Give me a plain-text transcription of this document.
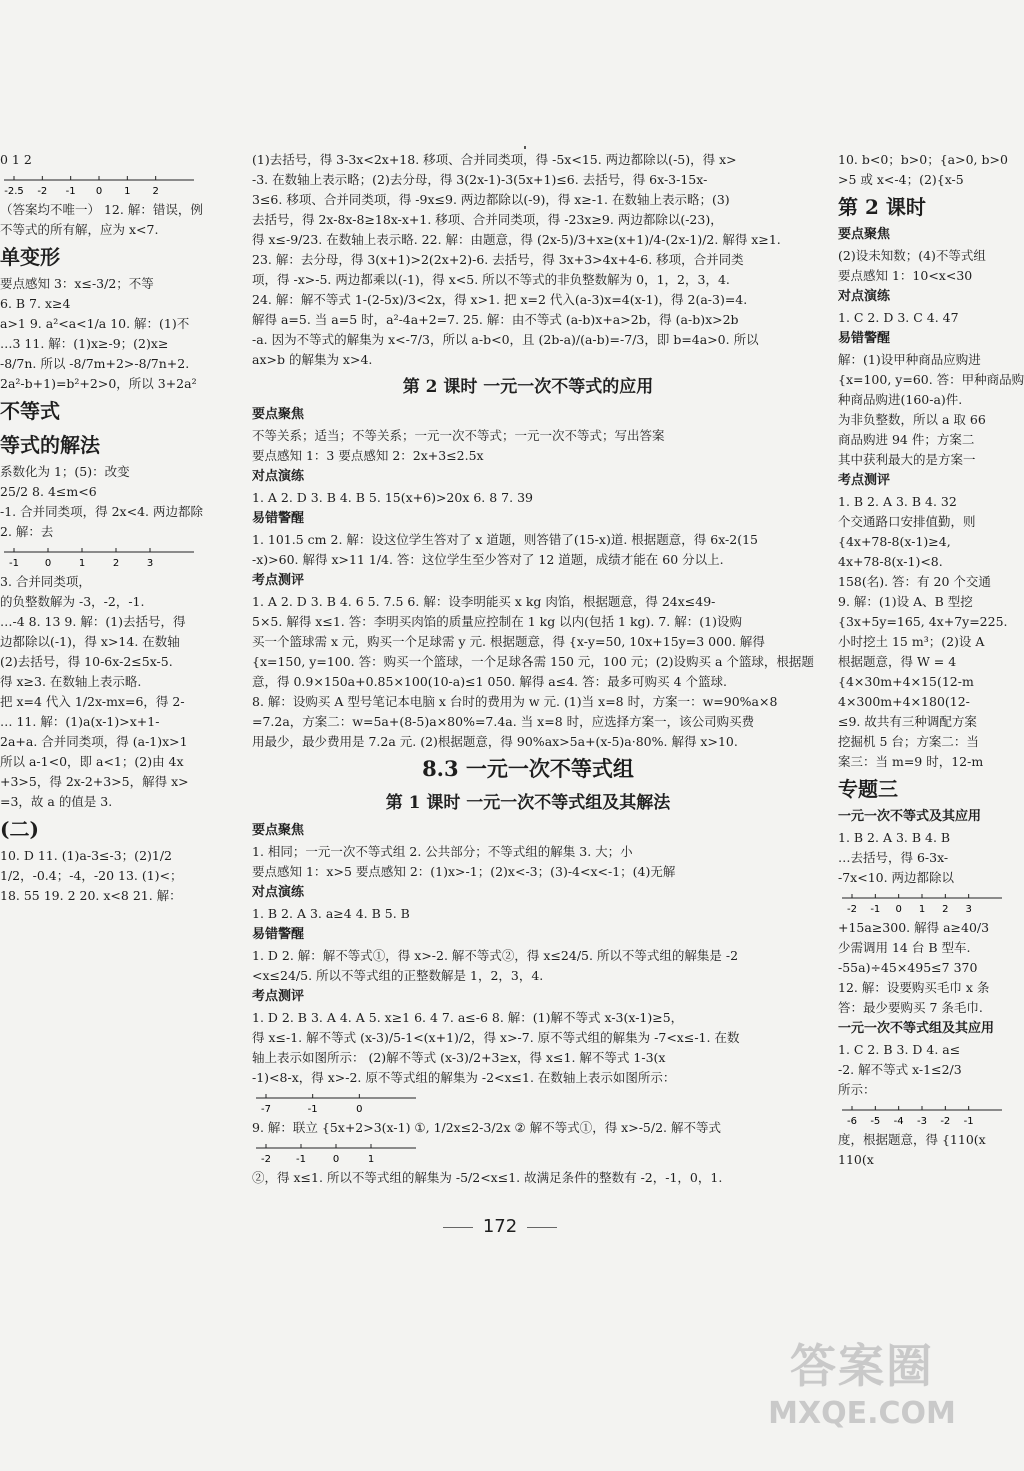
0 1 2
-2.5 -2 -1 0 1 2
（答案均不唯一） 12. 解：错误，例
不等式的所有解，应为 x<7.
单变形
要点感知 3：x≤-3/2；不等
6. B 7. x≥4
a>1 9. a²<a<1/a 10. 解：(1)不
…3 11. 解：(1)x≥-9；(2)x≥
-8/7n. 所以 -8/7m+2>-8/7n+2.
2a²-b+1)=b²+2>0，所以 3+2a²
不等式
等式的解法
系数化为 1；(5)：改变
25/2 8. 4≤m<6
-1. 合并同类项，得 2x<4. 两边都除
2. 解：去
-1	0	1	2	3
3. 合并同类项，
的负整数解为 -3，-2，-1.
…-4 8. 13 9. 解：(1)去括号，得
边都除以(-1)，得 x>14. 在数轴
(2)去括号，得 10-6x-2≤5x-5.
得 x≥3. 在数轴上表示略.
把 x=4 代入 1/2x-mx=6，得 2-
… 11. 解：(1)a(x-1)>x+1-
2a+a. 合并同类项，得 (a-1)x>1
所以 a-1<0，即 a<1；(2)由 4x
+3>5，得 2x-2+3>5，解得 x>
=3，故 a 的值是 3.
(二)
10. D 11. (1)a-3≤-3；(2)1/2
1/2，-0.4；-4，-20 13. (1)<；
18. 55 19. 2 20. x<8 21. 解：
(1)去括号，得 3-3x<2x+18. 移项、合并同类项，得 -5x<15. 两边都除以(-5)，得 x>
-3. 在数轴上表示略；(2)去分母，得 3(2x-1)-3(5x+1)≤6. 去括号，得 6x-3-15x-
3≤6. 移项、合并同类项，得 -9x≤9. 两边都除以(-9)，得 x≥-1. 在数轴上表示略；(3)
去括号，得 2x-8x-8≥18x-x+1. 移项、合并同类项，得 -23x≥9. 两边都除以(-23)，
得 x≤-9/23. 在数轴上表示略. 22. 解：由题意，得 (2x-5)/3+x≥(x+1)/4-(2x-1)/2. 解得 x≥1.
23. 解：去分母，得 3(x+1)>2(2x+2)-6. 去括号，得 3x+3>4x+4-6. 移项，合并同类
项，得 -x>-5. 两边都乘以(-1)，得 x<5. 所以不等式的非负整数解为 0，1，2，3，4.
24. 解：解不等式 1-(2-5x)/3<2x，得 x>1. 把 x=2 代入(a-3)x=4(x-1)，得 2(a-3)=4.
解得 a=5. 当 a=5 时，a²-4a+2=7. 25. 解：由不等式 (a-b)x+a>2b，得 (a-b)x>2b
-a. 因为不等式的解集为 x<-7/3，所以 a-b<0，且 (2b-a)/(a-b)=-7/3，即 b=4a>0. 所以
ax>b 的解集为 x>4.
第 2 课时 一元一次不等式的应用
要点聚焦
不等关系；适当；不等关系；一元一次不等式；一元一次不等式；写出答案
要点感知 1：3 要点感知 2：2x+3≤2.5x
对点演练
1. A 2. D 3. B 4. B 5. 15(x+6)>20x 6. 8 7. 39
易错警醒
1. 101.5 cm 2. 解：设这位学生答对了 x 道题，则答错了(15-x)道. 根据题意，得 6x-2(15
-x)>60. 解得 x>11 1/4. 答：这位学生至少答对了 12 道题，成绩才能在 60 分以上.
考点测评
1. A 2. D 3. B 4. 6 5. 7.5 6. 解：设李明能买 x kg 肉馅，根据题意，得 24x≤49-
5×5. 解得 x≤1. 答：李明买肉馅的质量应控制在 1 kg 以内(包括 1 kg). 7. 解：(1)设购
买一个篮球需 x 元，购买一个足球需 y 元. 根据题意，得 {x-y=50, 10x+15y=3 000. 解得
{x=150, y=100. 答：购买一个篮球，一个足球各需 150 元，100 元；(2)设购买 a 个篮球，根据题
意，得 0.9×150a+0.85×100(10-a)≤1 050. 解得 a≤4. 答：最多可购买 4 个篮球.
8. 解：设购买 A 型号笔记本电脑 x 台时的费用为 w 元. (1)当 x=8 时，方案一：w=90%a×8
=7.2a，方案二：w=5a+(8-5)a×80%=7.4a. 当 x=8 时，应选择方案一，该公司购买费
用最少，最少费用是 7.2a 元. (2)根据题意，得 90%ax>5a+(x-5)a·80%. 解得 x>10.
8.3 一元一次不等式组
第 1 课时 一元一次不等式组及其解法
要点聚焦
1. 相同；一元一次不等式组 2. 公共部分；不等式组的解集 3. 大；小
要点感知 1：x>5 要点感知 2：(1)x>-1；(2)x<-3；(3)-4<x<-1；(4)无解
对点演练
1. B 2. A 3. a≥4 4. B 5. B
易错警醒
1. D 2. 解：解不等式①，得 x>-2. 解不等式②，得 x≤24/5. 所以不等式组的解集是 -2
<x≤24/5. 所以不等式组的正整数解是 1，2，3，4.
考点测评
1. D 2. B 3. A 4. A 5. x≥1 6. 4 7. a≤-6 8. 解：(1)解不等式 x-3(x-1)≥5，
得 x≤-1. 解不等式 (x-3)/5-1<(x+1)/2，得 x>-7. 原不等式组的解集为 -7<x≤-1. 在数
轴上表示如图所示： (2)解不等式 (x-3)/2+3≥x，得 x≤1. 解不等式 1-3(x
-1)<8-x，得 x>-2. 原不等式组的解集为 -2<x≤1. 在数轴上表示如图所示：
-7	-1	0
9. 解：联立 {5x+2>3(x-1) ①, 1/2x≤2-3/2x ② 解不等式①，得 x>-5/2. 解不等式
-2	-1	0	1
②，得 x≤1. 所以不等式组的解集为 -5/2<x≤1. 故满足条件的整数有 -2，-1，0，1.
10. b<0；b>0；{a>0, b>0
>5 或 x<-4；(2){x-5
第 2 课时
要点聚焦
(2)设未知数；(4)不等式组
要点感知 1：10<x<30
对点演练
1. C 2. D 3. C 4. 47
易错警醒
解：(1)设甲种商品应购进
{x=100, y=60. 答：甲种商品购
种商品购进(160-a)件.
为非负整数，所以 a 取 66
商品购进 94 件；方案二
其中获利最大的是方案一
考点测评
1. B 2. A 3. B 4. 32
个交通路口安排值勤，则
{4x+78-8(x-1)≥4,
4x+78-8(x-1)<8.
158(名). 答：有 20 个交通
9. 解：(1)设 A、B 型挖
{3x+5y=165, 4x+7y=225.
小时挖土 15 m³；(2)设 A
根据题意，得 W = 4
{4×30m+4×15(12-m
4×300m+4×180(12-
≤9. 故共有三种调配方案
挖掘机 5 台；方案二：当
案三：当 m=9 时，12-m
专题三
一元一次不等式及其应用
1. B 2. A 3. B 4. B
…去括号，得 6-3x-
-7x<10. 两边都除以
-2 -1 0 1 2 3
+15a≥300. 解得 a≥40/3
少需调用 14 台 B 型车.
-55a)÷45×495≤7 370
12. 解：设要购买毛巾 x 条
答：最少要购买 7 条毛巾.
一元一次不等式组及其应用
1. C 2. B 3. D 4. a≤
-2. 解不等式 x-1≤2/3
所示：
-6 -5 -4 -3 -2 -1
度，根据题意，得 {110(x
110(x
172
答案圈
MXQE.COM
